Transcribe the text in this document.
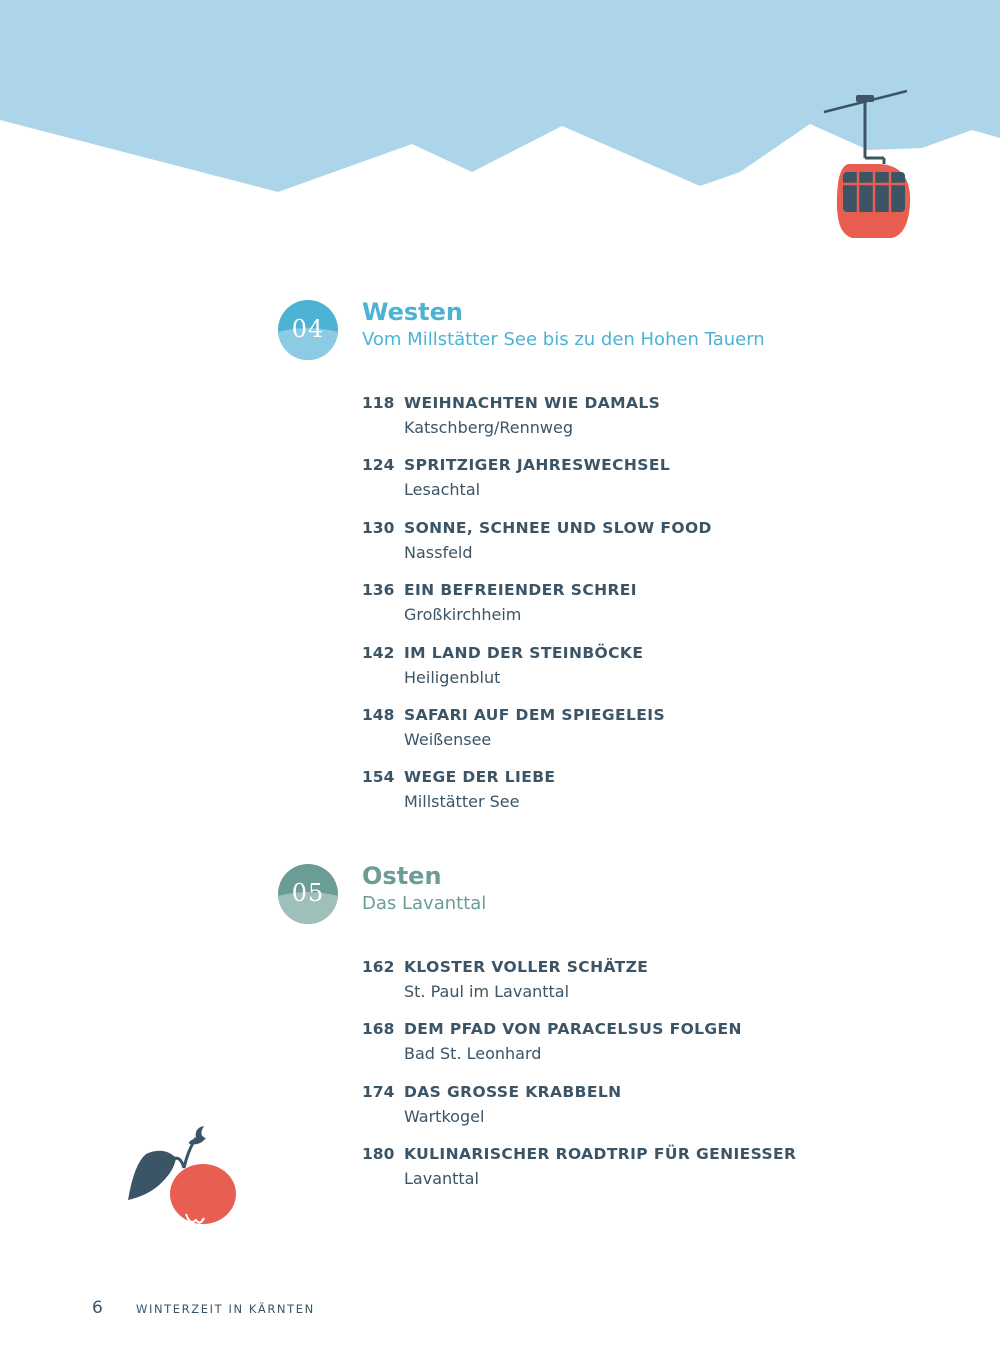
04
Westen
Vom Millstätter See bis zu den Hohen Tauern
118 WEIHNACHTEN WIE DAMALS
Katschberg/Rennweg
124 SPRITZIGER JAHRESWECHSEL
Lesachtal
130 SONNE, SCHNEE UND SLOW FOOD
Nassfeld
136 EIN BEFREIENDER SCHREI
Großkirchheim
142 IM LAND DER STEINBÖCKE
Heiligenblut
148 SAFARI AUF DEM SPIEGELEIS
Weißensee
154 WEGE DER LIEBE
Millstätter See
05
Osten
Das Lavanttal
162 KLOSTER VOLLER SCHÄTZE
St. Paul im Lavanttal
168 DEM PFAD VON PARACELSUS FOLGEN
Bad St. Leonhard
174 DAS GROSSE KRABBELN
Wartkogel
180 KULINARISCHER ROADTRIP FÜR GENIESSER
Lavanttal
6	WINTERZEIT IN KÄRNTEN
